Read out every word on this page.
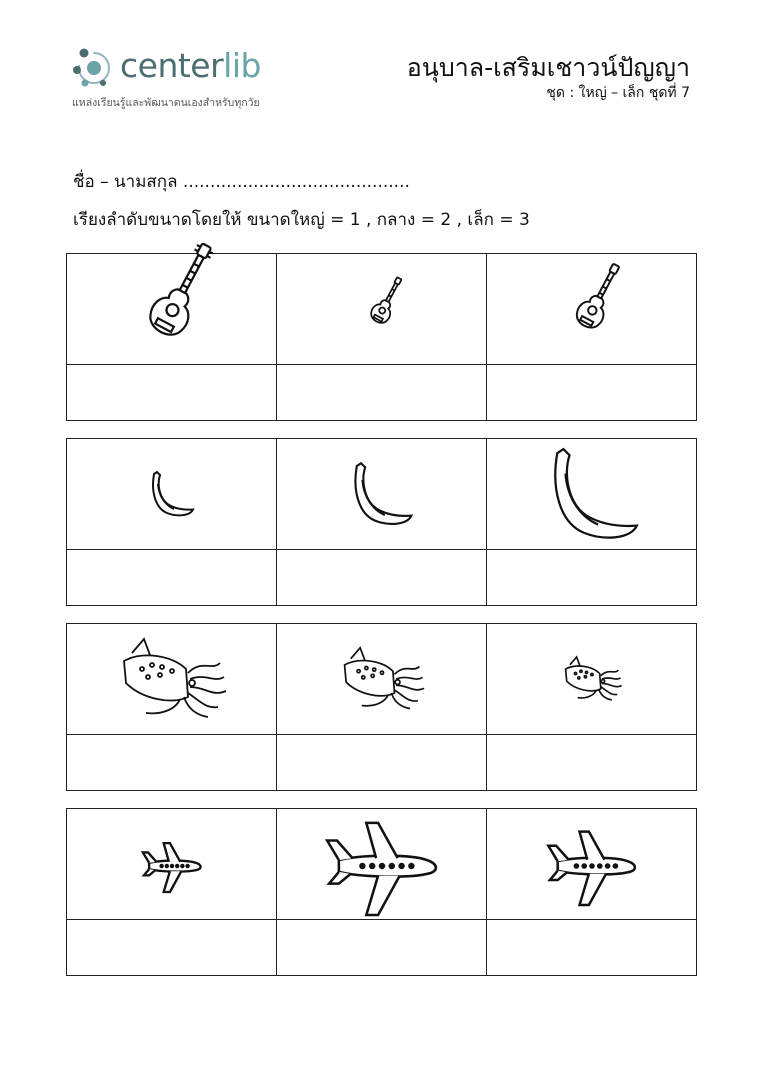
centerlib
แหล่งเรียนรู้และพัฒนาตนเองสำหรับทุกวัย
อนุบาล-เสริมเชาวน์ปัญญา
ชุด : ใหญ่ – เล็ก ชุดที่ 7
ชื่อ – นามสกุล ..........................................
เรียงลำดับขนาดโดยให้ ขนาดใหญ่ = 1 , กลาง = 2 , เล็ก = 3
